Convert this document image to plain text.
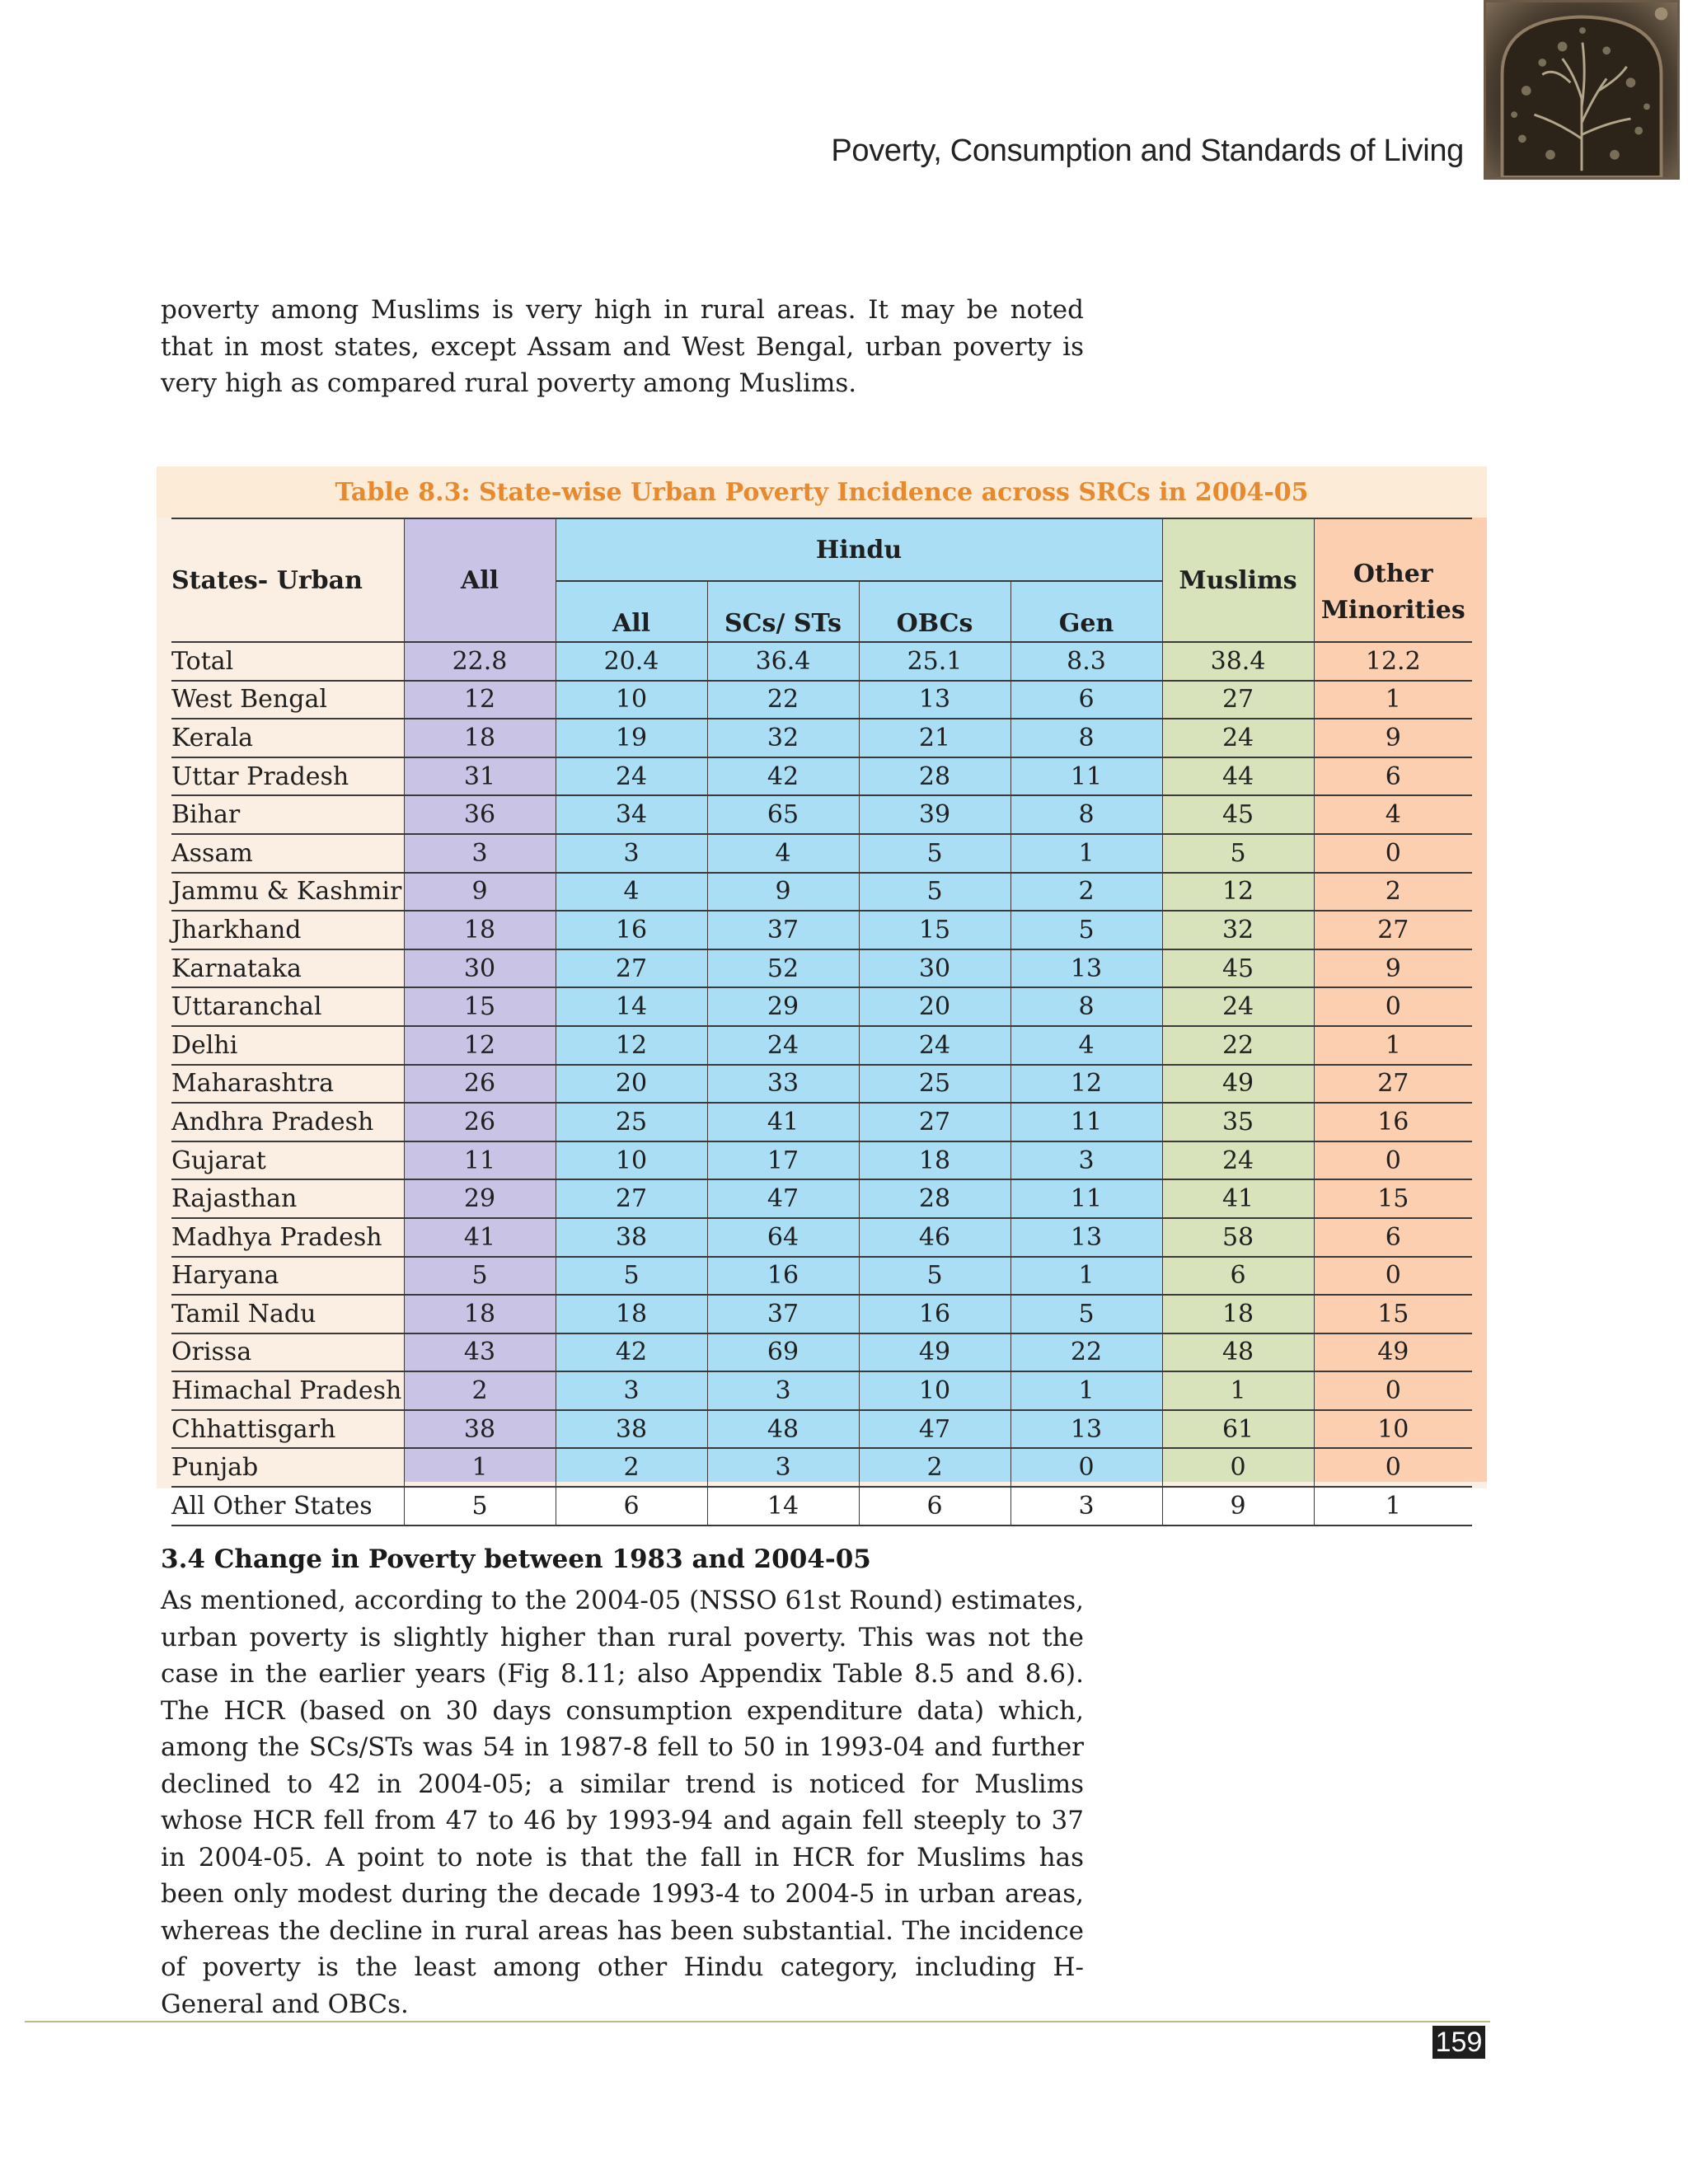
Poverty, Consumption and Standards of Living
poverty among Muslims is very high in rural areas. It may be noted that in most states, except Assam and West Bengal, urban poverty is very high as compared rural poverty among Muslims.
Table 8.3: State-wise Urban Poverty Incidence across SRCs in 2004-05
States- Urban	All	Hindu				Muslims	Other Minorities
		All	SCs/ STs	OBCs	Gen		
Total	22.8	20.4	36.4	25.1	8.3	38.4	12.2
West Bengal	12	10	22	13	6	27	1
Kerala	18	19	32	21	8	24	9
Uttar Pradesh	31	24	42	28	11	44	6
Bihar	36	34	65	39	8	45	4
Assam	3	3	4	5	1	5	0
Jammu & Kashmir	9	4	9	5	2	12	2
Jharkhand	18	16	37	15	5	32	27
Karnataka	30	27	52	30	13	45	9
Uttaranchal	15	14	29	20	8	24	0
Delhi	12	12	24	24	4	22	1
Maharashtra	26	20	33	25	12	49	27
Andhra Pradesh	26	25	41	27	11	35	16
Gujarat	11	10	17	18	3	24	0
Rajasthan	29	27	47	28	11	41	15
Madhya Pradesh	41	38	64	46	13	58	6
Haryana	5	5	16	5	1	6	0
Tamil Nadu	18	18	37	16	5	18	15
Orissa	43	42	69	49	22	48	49
Himachal Pradesh	2	3	3	10	1	1	0
Chhattisgarh	38	38	48	47	13	61	10
Punjab	1	2	3	2	0	0	0
All Other States	5	6	14	6	3	9	1
3.4 Change in Poverty between 1983 and 2004-05
As mentioned, according to the 2004-05 (NSSO 61st Round) estimates, urban poverty is slightly higher than rural poverty. This was not the case in the earlier years (Fig 8.11; also Appendix Table 8.5 and 8.6). The HCR (based on 30 days consumption expenditure data) which, among the SCs/STs was 54 in 1987-8 fell to 50 in 1993-04 and further declined to 42 in 2004-05; a similar trend is noticed for Muslims whose HCR fell from 47 to 46 by 1993-94 and again fell steeply to 37 in 2004-05. A point to note is that the fall in HCR for Muslims has been only modest during the decade 1993-4 to 2004-5 in urban areas, whereas the decline in rural areas has been substantial. The incidence of poverty is the least among other Hindu category, including H-General and OBCs.
159
